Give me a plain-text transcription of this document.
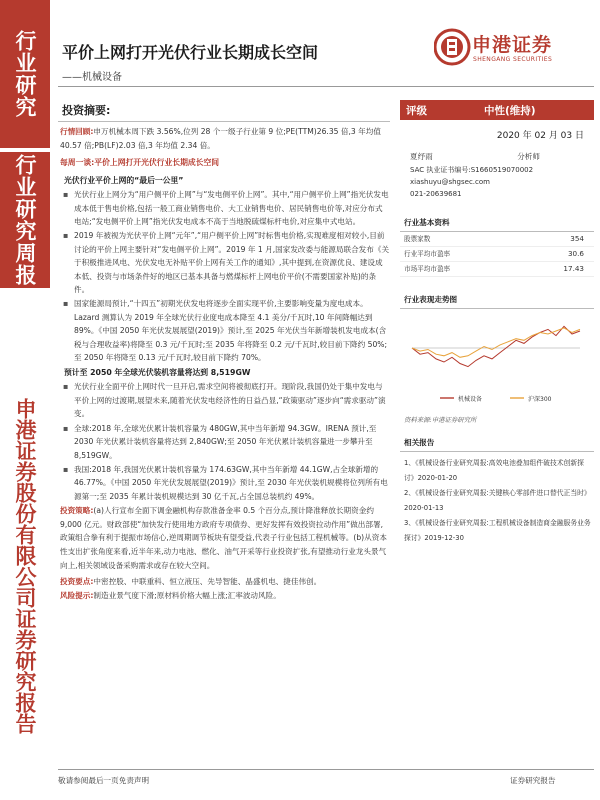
行业研究
行业研究周报
申港证券股份有限公司证券研究报告
平价上网打开光伏行业长期成长空间
——机械设备
申港证券
SHENGANG SECURITIES
投资摘要:
行情回顾:申万机械本周下跌 3.56%,位列 28 个一级子行业第 9 位;PE(TTM)26.35 倍,3 年均值 40.57 倍;PB(LF)2.03 倍,3 年均值 2.34 倍。
每周一谈:平价上网打开光伏行业长期成长空间
光伏行业平价上网的“最后一公里”
▪ 光伏行业上网分为“用户侧平价上网”与“发电侧平价上网”。其中,“用户侧平价上网”指光伏发电成本低于售电价格,包括一般工商业销售电价、大工业销售电价、居民销售电价等,对应分布式电站;“发电侧平价上网”指光伏发电成本不高于当地脱硫煤标杆电价,对应集中式电站。
▪ 2019 年被视为光伏平价上网“元年”,“用户侧平价上网”时标售电价格,实现难度相对较小,目前讨论的平价上网主要针对“发电侧平价上网”。2019 年 1 月,国家发改委与能源局联合发布《关于积极推进风电、光伏发电无补贴平价上网有关工作的通知》,其中提到,在资源优良、建设成本低、投资与市场条件好的地区已基本具备与燃煤标杆上网电价平价(不需要国家补贴)的条件。
▪ 国家能源局预计,“十四五”初期光伏发电将逐步全面实现平价,主要影响变量为度电成本。Lazard 测算认为 2019 年全球光伏行业度电成本降至 4.1 美分/千瓦时,10 年间降幅达到 89%。《中国 2050 年光伏发展展望(2019)》预计,至 2025 年光伏当年新增装机发电成本(含税与合理收益率)将降至 0.3 元/千瓦时;至 2035 年将降至 0.2 元/千瓦时,较目前下降约 50%;至 2050 年将降至 0.13 元/千瓦时,较目前下降约 70%。
预计至 2050 年全球光伏装机容量将达到 8,519GW
▪ 光伏行业全面平价上网时代一旦开启,需求空间将被彻底打开。现阶段,我国仍处于集中发电与平价上网的过渡期,展望未来,随着光伏发电经济性的日益凸显,“政策驱动”逐步向“需求驱动”演变。
▪ 全球:2018 年,全球光伏累计装机容量为 480GW,其中当年新增 94.3GW。IRENA 预计,至 2030 年光伏累计装机容量将达到 2,840GW;至 2050 年光伏累计装机容量进一步攀升至 8,519GW。
▪ 我国:2018 年,我国光伏累计装机容量为 174.63GW,其中当年新增 44.1GW,占全球新增的 46.77%。《中国 2050 年光伏发展展望(2019)》预计,至 2030 年光伏装机规模将位列所有电源第一;至 2035 年累计装机规模达到 30 亿千瓦,占全国总装机约 49%。
投资策略:(a)人行宣布全面下调金融机构存款准备金率 0.5 个百分点,预计降准释放长期资金约 9,000 亿元。财政部使“加快发行使用地方政府专项债券、更好发挥有效投资拉动作用”做出部署,政策组合拳有利于提振市场信心,逆周期调节板块有望受益,代表子行业包括工程机械等。(b)从资本性支出扩张角度来看,近半年来,动力电池、燃化、油气开采等行业投资扩张,有望推动行业龙头景气向上,相关领域设备采购需求或存在较大空间。
投资要点:中密控股、中联重科、恒立液压、先导智能、晶盛机电、捷佳伟创。
风险提示:制造业景气度下滑;原材料价格大幅上涨;汇率波动风险。
评级	中性(维持)
2020 年 02 月 03 日
夏纾雨	分析师
SAC 执业证书编号:S1660519070002
xiashuyu@shgsec.com
021-20639681
行业基本资料
股票家数	354
行业平均市盈率	30.6
市场平均市盈率	17.43
行业表现走势图
机械设备	沪深300
资料来源:申港证券研究所
相关报告
1、《机械设备行业研究周报:高效电池叠加组件破技术创新探讨》2020-01-20
2、《机械设备行业研究周报:关键核心零部件进口替代正当时》2020-01-13
3、《机械设备行业研究周报:工程机械设备制造商金融服务业务探讨》2019-12-30
敬请参阅最后一页免责声明	证券研究报告
